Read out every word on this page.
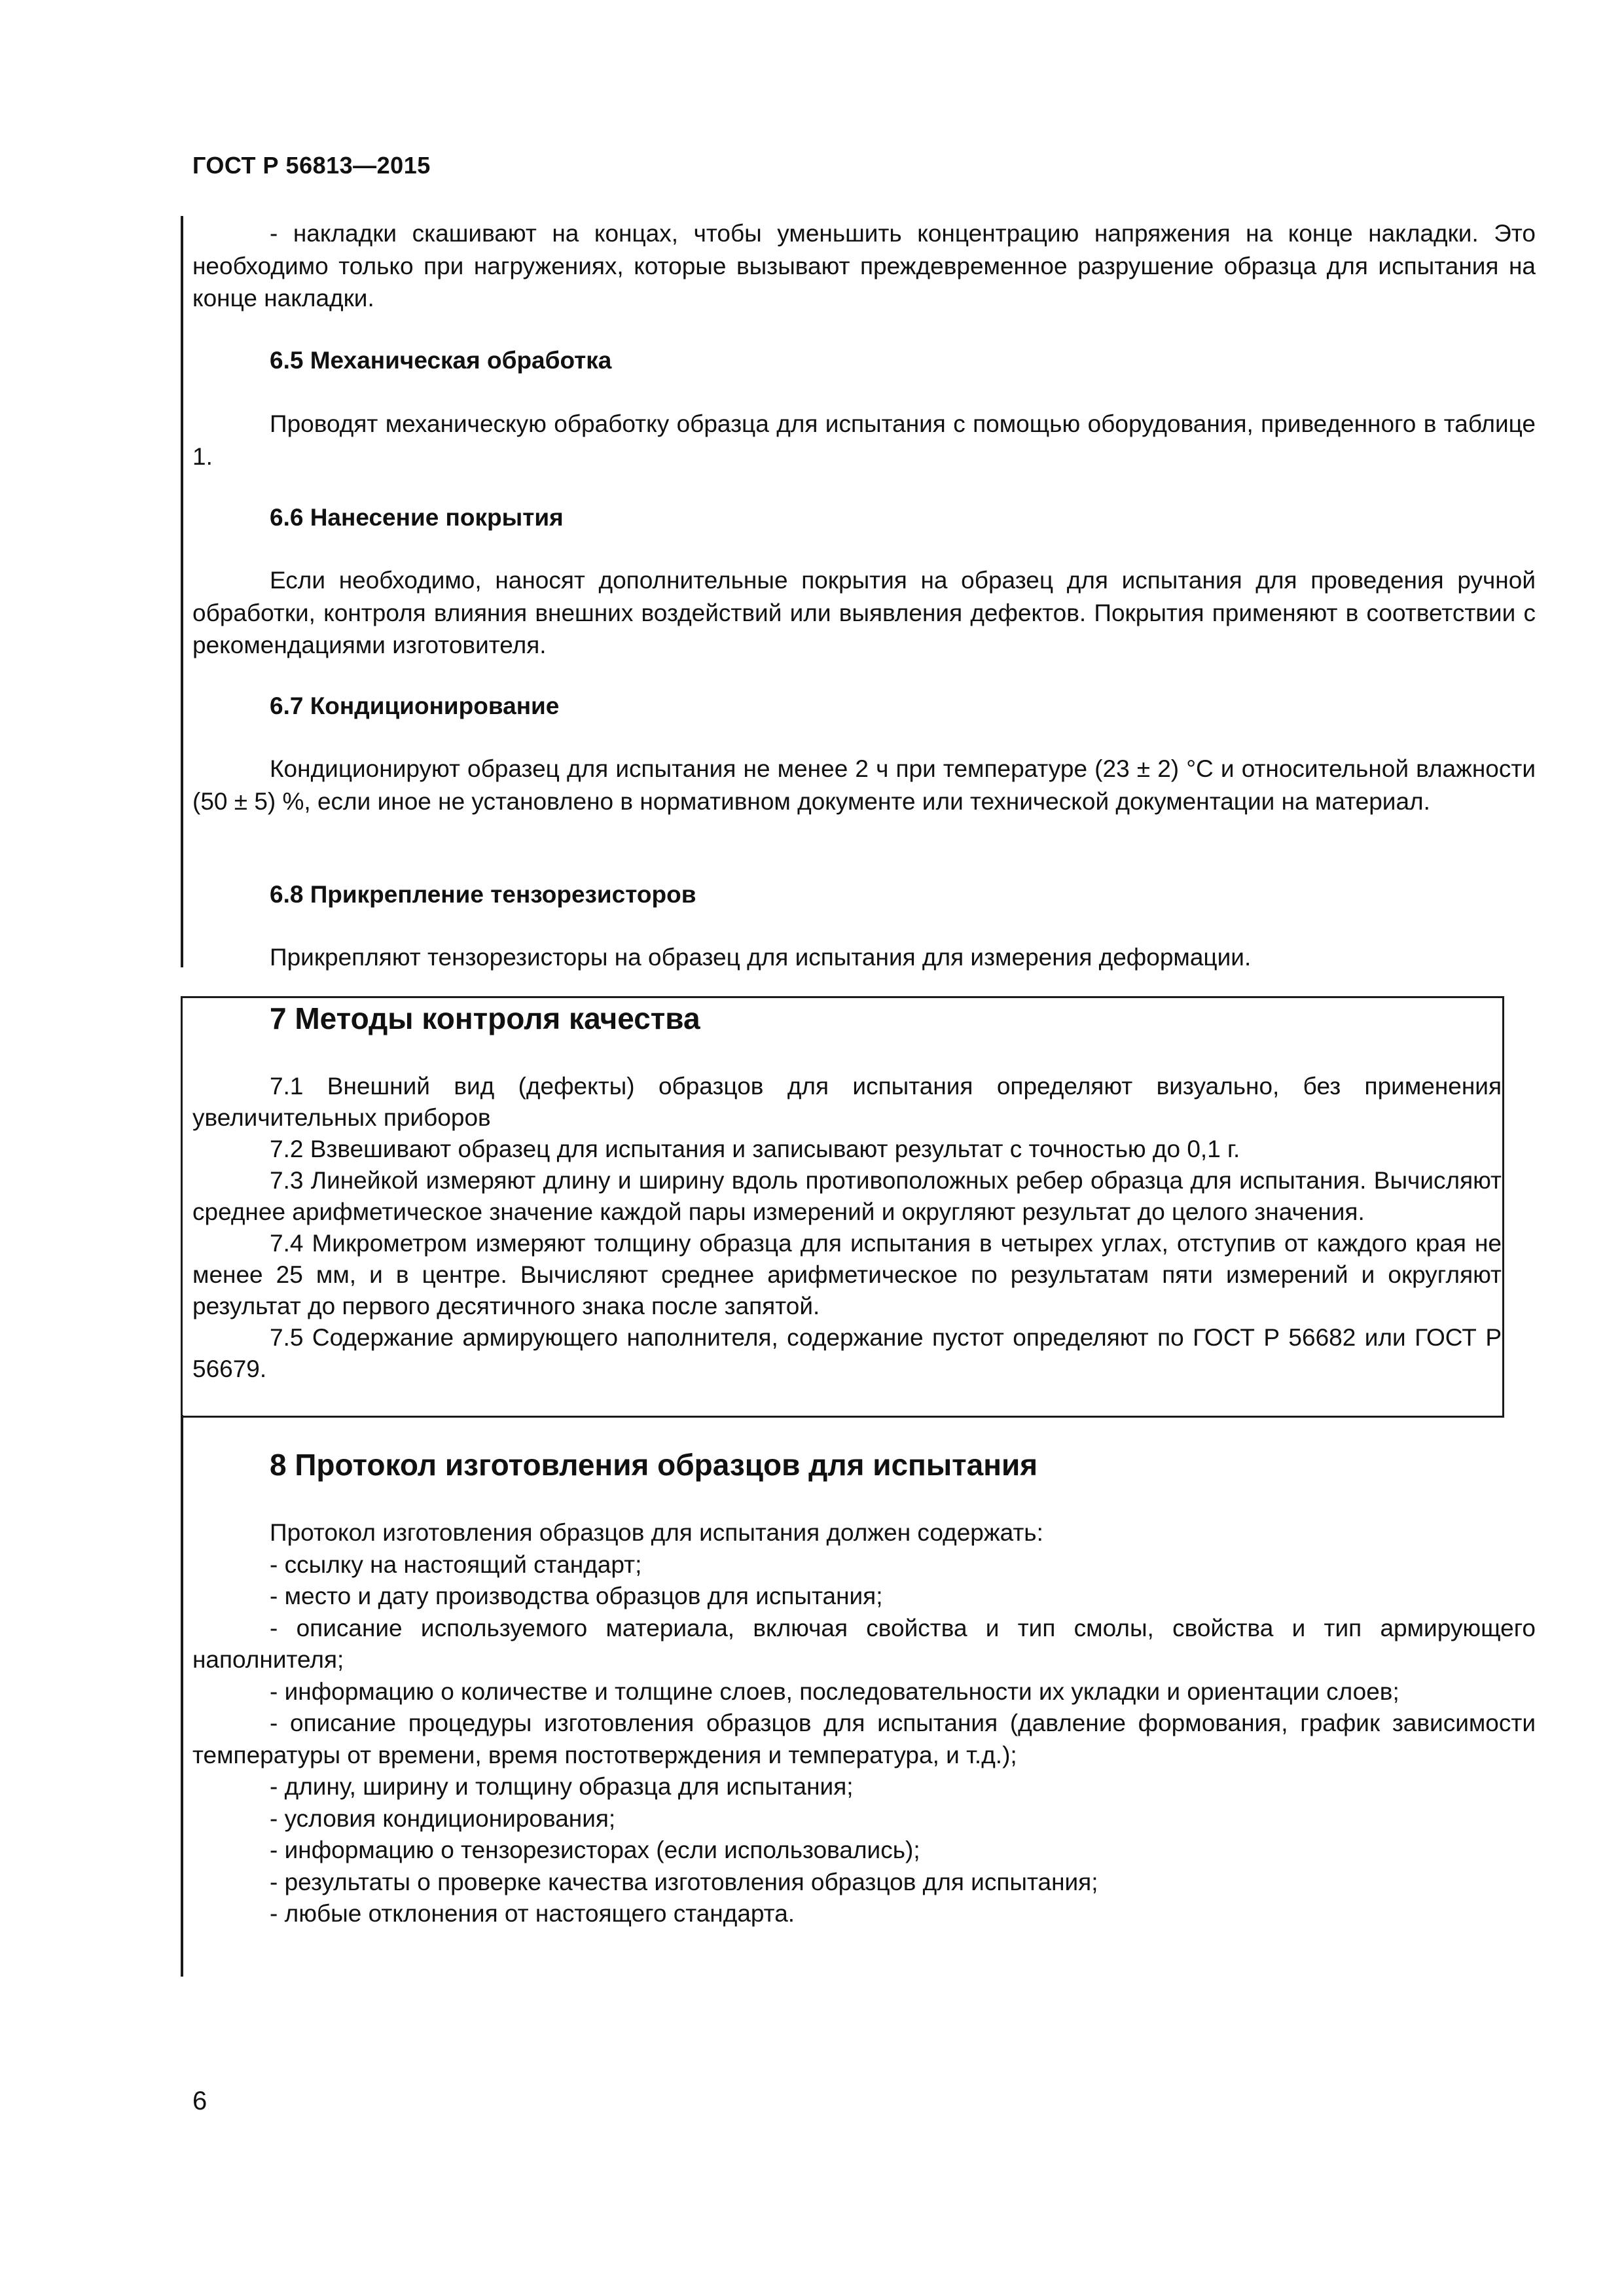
ГОСТ Р 56813—2015
- накладки скашивают на концах, чтобы уменьшить концентрацию напряжения на конце накладки. Это необходимо только при нагружениях, которые вызывают преждевременное разрушение образца для испытания на конце накладки.
6.5 Механическая обработка
Проводят механическую обработку образца для испытания с помощью оборудования, приведенного в таблице 1.
6.6 Нанесение покрытия
Если необходимо, наносят дополнительные покрытия на образец для испытания для проведения ручной обработки, контроля влияния внешних воздействий или выявления дефектов. Покрытия применяют в соответствии с рекомендациями изготовителя.
6.7 Кондиционирование
Кондиционируют образец для испытания не менее 2 ч при температуре (23 ± 2) °С и относительной влажности (50 ± 5) %, если иное не установлено в нормативном документе или технической документации на материал.
6.8 Прикрепление тензорезисторов
Прикрепляют тензорезисторы на образец для испытания для измерения деформации.
7 Методы контроля качества

7.1 Внешний вид (дефекты) образцов для испытания определяют визуально, без применения увеличительных приборов

7.2 Взвешивают образец для испытания и записывают результат с точностью до 0,1 г.

7.3 Линейкой измеряют длину и ширину вдоль противоположных ребер образца для испытания. Вычисляют среднее арифметическое значение каждой пары измерений и округляют результат до целого значения.

7.4 Микрометром измеряют толщину образца для испытания в четырех углах, отступив от каждого края не менее 25 мм, и в центре. Вычисляют среднее арифметическое по результатам пяти измерений и округляют результат до первого десятичного знака после запятой.

7.5 Содержание армирующего наполнителя, содержание пустот определяют по ГОСТ Р 56682 или ГОСТ Р 56679.

8 Протокол изготовления образцов для испытания

Протокол изготовления образцов для испытания должен содержать:

- ссылку на настоящий стандарт;

- место и дату производства образцов для испытания;

- описание используемого материала, включая свойства и тип смолы, свойства и тип армирующего наполнителя;

- информацию о количестве и толщине слоев, последовательности их укладки и ориентации слоев;

- описание процедуры изготовления образцов для испытания (давление формования, график зависимости температуры от времени, время постотверждения и температура, и т.д.);

- длину, ширину и толщину образца для испытания;

- условия кондиционирования;

- информацию о тензорезисторах (если использовались);

- результаты о проверке качества изготовления образцов для испытания;

- любые отклонения от настоящего стандарта.

6
